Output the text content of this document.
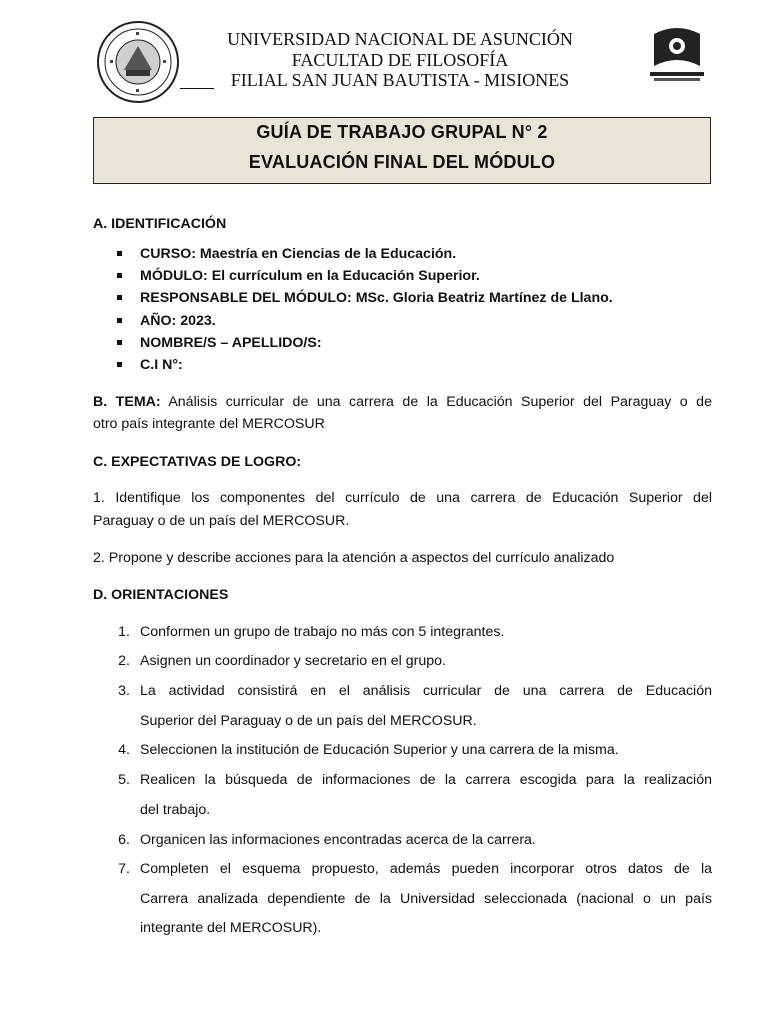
UNIVERSIDAD NACIONAL DE ASUNCIÓN
FACULTAD DE FILOSOFÍA
FILIAL SAN JUAN BAUTISTA - MISIONES
GUÍA DE TRABAJO GRUPAL N° 2
EVALUACIÓN FINAL DEL MÓDULO
A. IDENTIFICACIÓN
CURSO: Maestría en Ciencias de la Educación.
MÓDULO: El currículum en la Educación Superior.
RESPONSABLE DEL MÓDULO: MSc. Gloria Beatriz Martínez de Llano.
AÑO: 2023.
NOMBRE/S – APELLIDO/S:
C.I N°:
B. TEMA: Análisis curricular de una carrera de la Educación Superior del Paraguay o de
otro país integrante del MERCOSUR
C. EXPECTATIVAS DE LOGRO:
1. Identifique los componentes del currículo de una carrera de Educación Superior del
Paraguay o de un país del MERCOSUR.
2. Propone y describe acciones para la atención a aspectos del currículo analizado
D. ORIENTACIONES
1. Conformen un grupo de trabajo no más con 5 integrantes.
2. Asignen un coordinador y secretario en el grupo.
3. La actividad consistirá en el análisis curricular de una carrera de Educación
Superior del Paraguay o de un país del MERCOSUR.
4. Seleccionen la institución de Educación Superior y una carrera de la misma.
5. Realicen la búsqueda de informaciones de la carrera escogida para la realización
del trabajo.
6. Organicen las informaciones encontradas acerca de la carrera.
7. Completen el esquema propuesto, además pueden incorporar otros datos de la
Carrera analizada dependiente de la Universidad seleccionada (nacional o un país
integrante del MERCOSUR).
